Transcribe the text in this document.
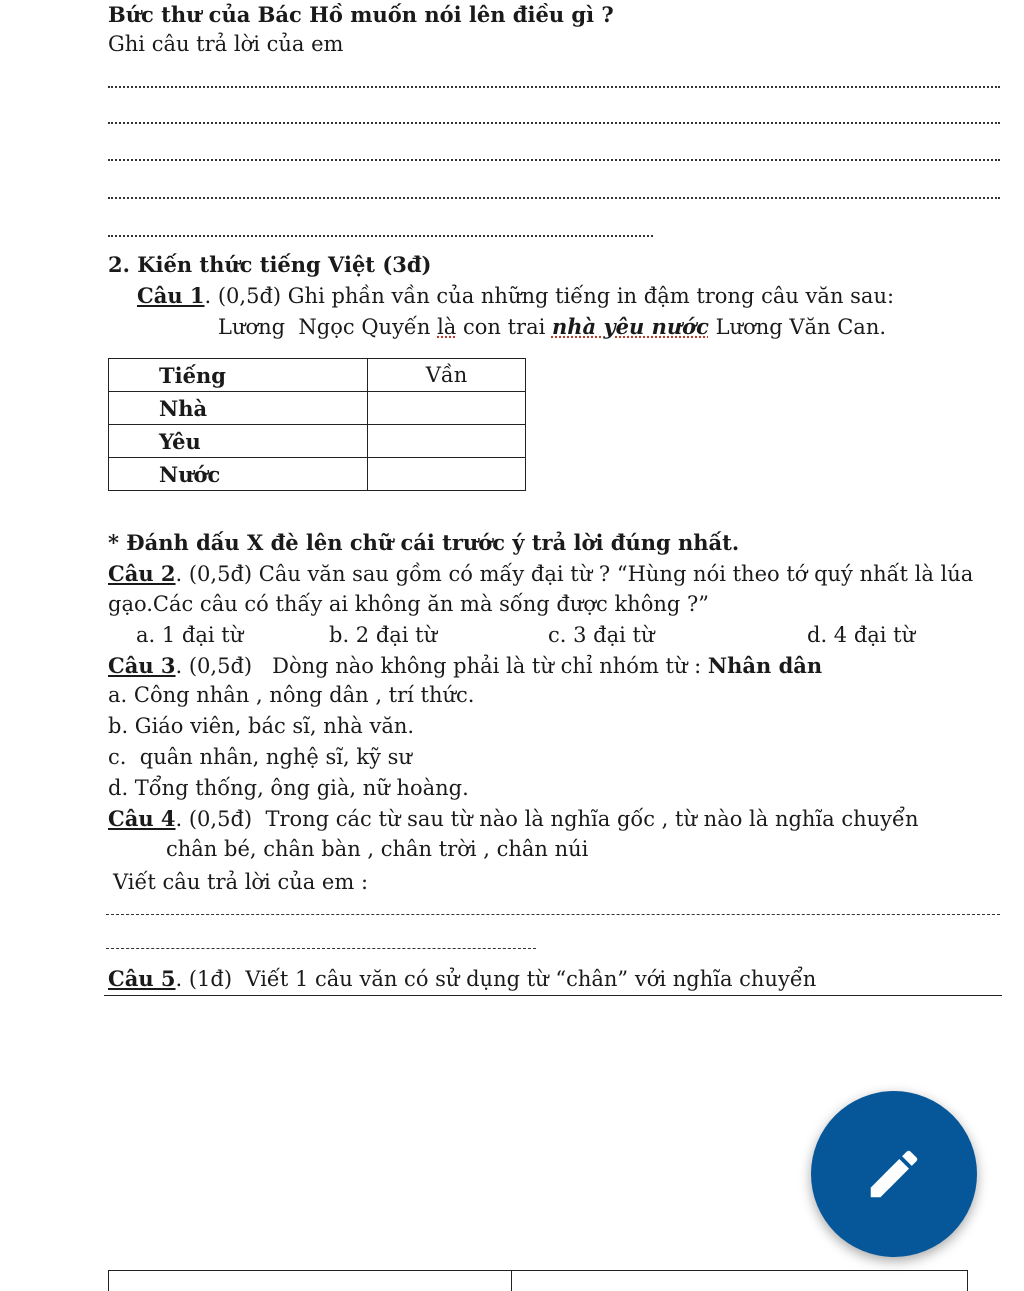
Bức thư của Bác Hồ muốn nói lên điều gì ?
Ghi câu trả lời của em
2. Kiến thức tiếng Việt (3đ)
Câu 1. (0,5đ) Ghi phần vần của những tiếng in đậm trong câu văn sau:
Lương  Ngọc Quyến là con trai nhà yêu nước Lương Văn Can.
Tiếng	Vần
Nhà	
Yêu	
Nước	
* Đánh dấu X đè lên chữ cái trước ý trả lời đúng nhất.
Câu 2. (0,5đ) Câu văn sau gồm có mấy đại từ ? “Hùng nói theo tớ quý nhất là lúa
gạo.Các câu có thấy ai không ăn mà sống được không ?”
a. 1 đại từ	b. 2 đại từ	c. 3 đại từ	d. 4 đại từ
Câu 3. (0,5đ)   Dòng nào không phải là từ chỉ nhóm từ : Nhân dân
a. Công nhân , nông dân , trí thức.
b. Giáo viên, bác sĩ, nhà văn.
c.  quân nhân, nghệ sĩ, kỹ sư
d. Tổng thống, ông già, nữ hoàng.
Câu 4. (0,5đ)  Trong các từ sau từ nào là nghĩa gốc , từ nào là nghĩa chuyển
chân bé, chân bàn , chân trời , chân núi
Viết câu trả lời của em :
Câu 5. (1đ)  Viết 1 câu văn có sử dụng từ “chân” với nghĩa chuyển
